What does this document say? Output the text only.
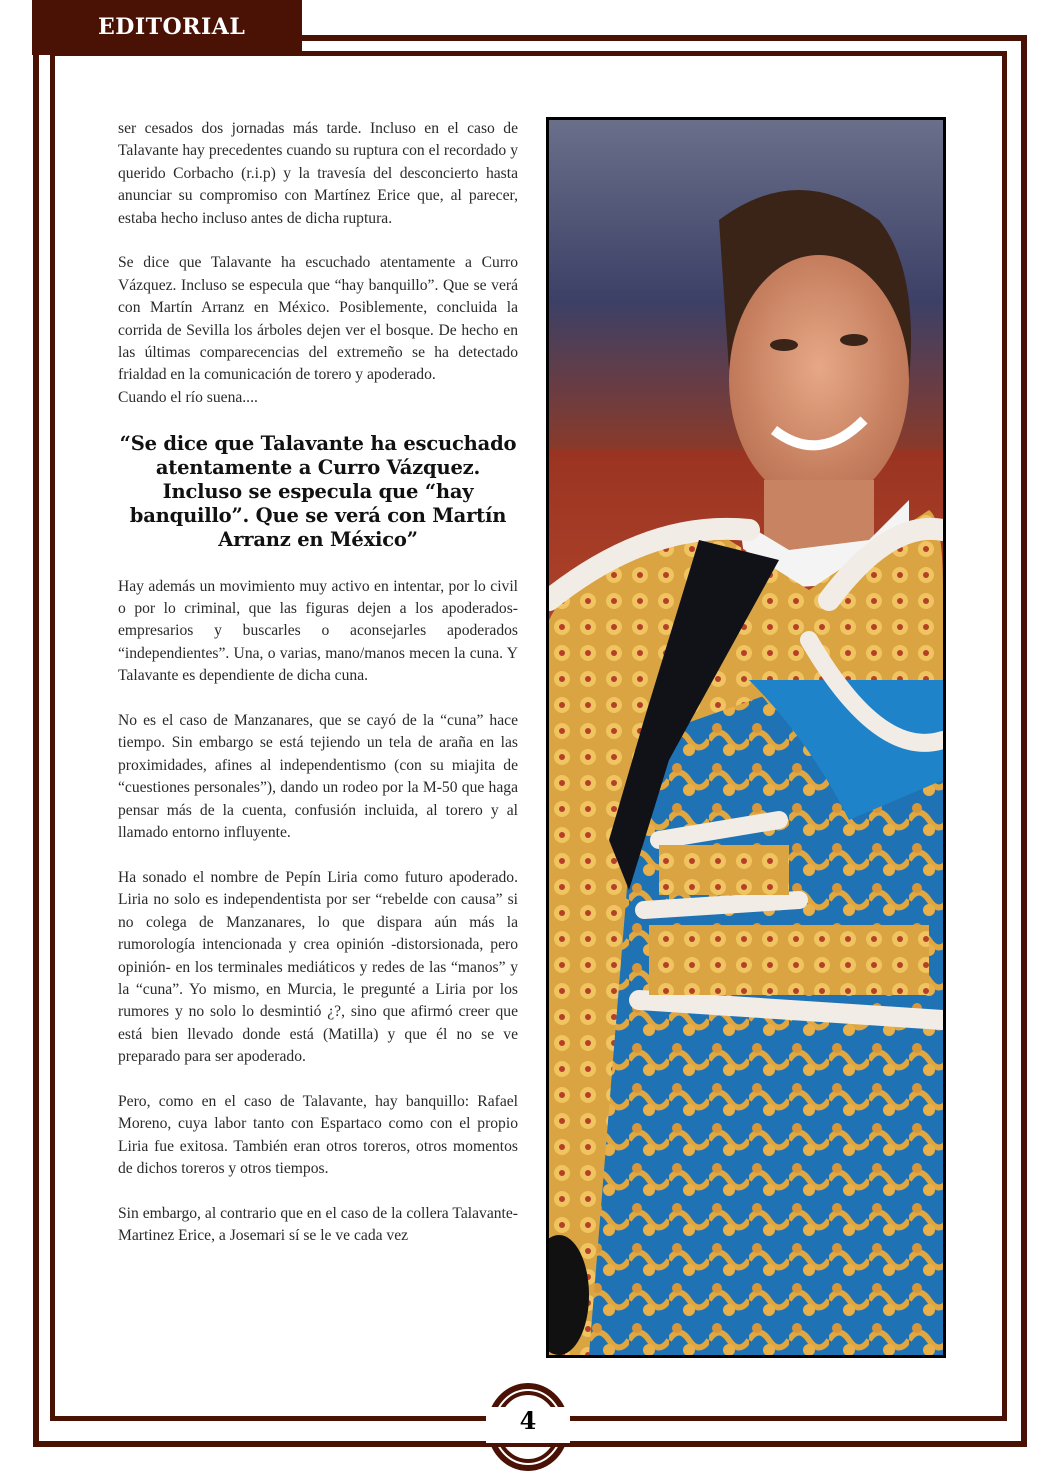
EDITORIAL

ser cesados dos jornadas más tarde. Incluso en el caso de Talavante hay precedentes cuando su ruptura con el recordado y querido Corbacho (r.i.p) y la travesía del desconcierto hasta anunciar su compromiso con Martínez Erice que, al parecer, estaba hecho incluso antes de dicha ruptura.

Se dice que Talavante ha escuchado atentamente a Curro Vázquez. Incluso se especula que “hay banquillo”. Que se verá con Martín Arranz en México. Posiblemente, concluida la corrida de Sevilla los árboles dejen ver el bosque. De hecho en las últimas comparecencias del extremeño se ha detectado frialdad en la comunicación de torero y apoderado.

Cuando el río suena....

“Se dice que Talavante ha escuchado atentamente a Curro Vázquez. Incluso se especula que “hay banquillo”. Que se verá con Martín Arranz en México”

Hay además un movimiento muy activo en intentar, por lo civil o por lo criminal, que las figuras dejen a los apoderados-empresarios y buscarles o aconsejarles apoderados “independientes”. Una, o varias, mano/manos mecen la cuna. Y Talavante es dependiente de dicha cuna.

No es el caso de Manzanares, que se cayó de la “cuna” hace tiempo. Sin embargo se está tejiendo un tela de araña en las proximidades, afines al independentismo (con su miajita de “cuestiones personales”), dando un rodeo por la M-50 que haga pensar más de la cuenta, confusión incluida, al torero y al llamado entorno influyente.

Ha sonado el nombre de Pepín Liria como futuro apoderado. Liria no solo es independentista por ser “rebelde con causa” si no colega de Manzanares, lo que dispara aún más la rumorología intencionada y crea opinión -distorsionada, pero opinión- en los terminales mediáticos y redes de las “manos” y la “cuna”. Yo mismo, en Murcia, le pregunté a Liria por los rumores y no solo lo desmintió ¿?, sino que afirmó creer que está bien llevado donde está (Matilla) y que él no se ve preparado para ser apoderado.

Pero, como en el caso de Talavante, hay banquillo: Rafael Moreno, cuya labor tanto con Espartaco como con el propio Liria fue exitosa. También eran otros toreros, otros momentos de dichos toreros y otros tiempos.

Sin embargo, al contrario que en el caso de la collera Talavante-Martinez Erice, a Josemari sí se le ve cada vez

4
